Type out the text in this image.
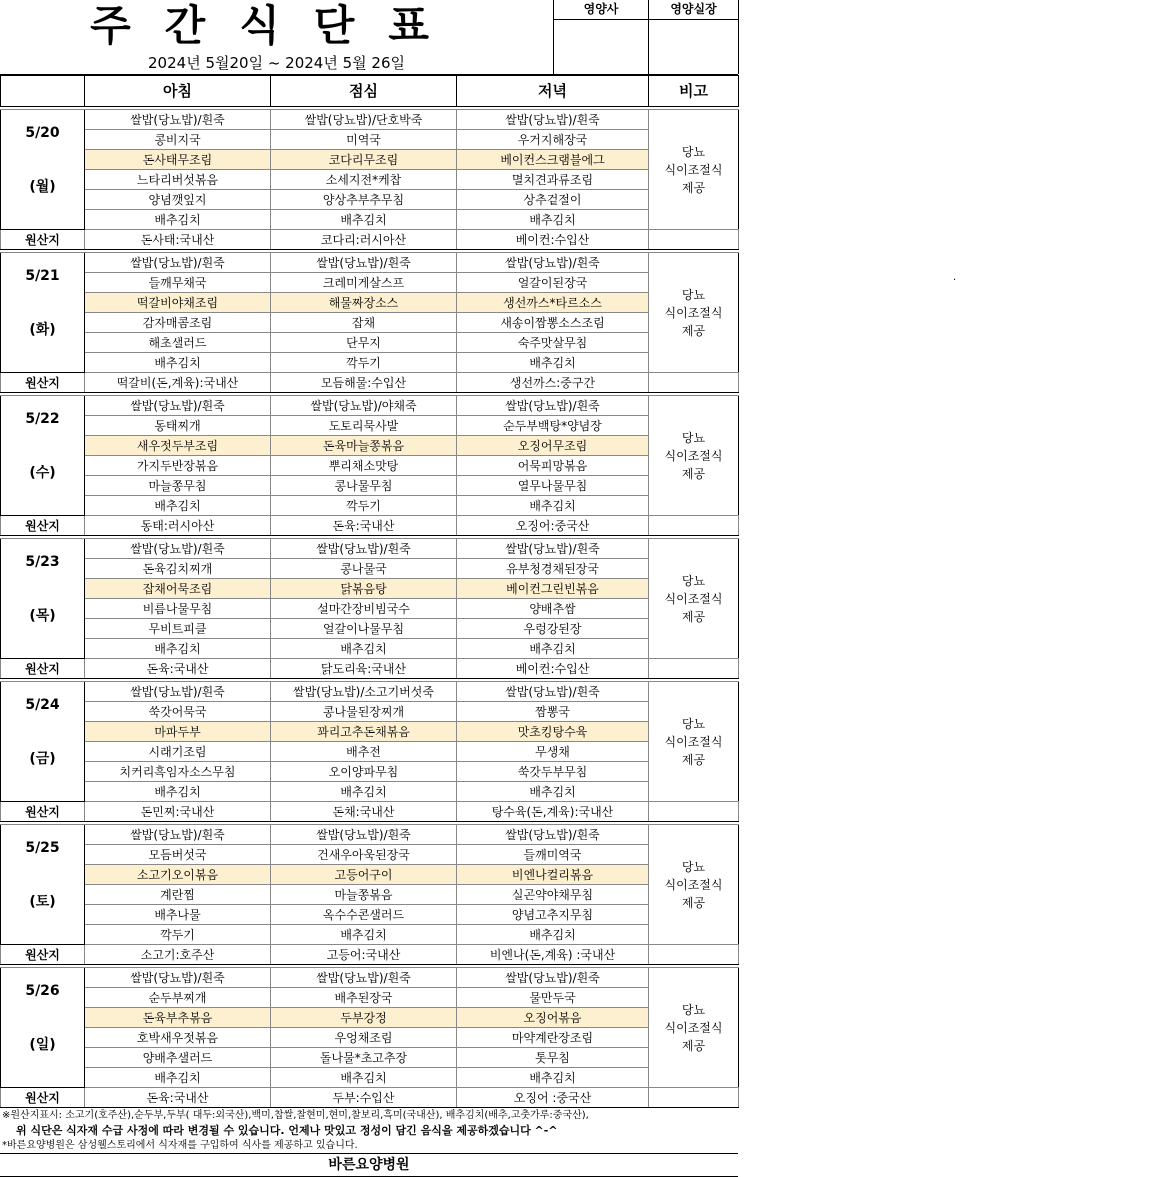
주간식단표
2024년 5월20일 ~ 2024년 5월 26일
영양사	영양실장
	아침	점심	저녁	비고

5/20
(월)	쌀밥(당뇨밥)/흰죽	쌀밥(당뇨밥)/단호박죽	쌀밥(당뇨밥)/흰죽	당뇨
식이조절식
제공
	콩비지국	미역국	우거지해장국	
	돈사태무조림	코다리무조림	베이컨스크램블에그	
	느타리버섯볶음	소세지전*케찹	멸치견과류조림	
	양념깻잎지	양상추부추무침	상추겉절이	
	배추김치	배추김치	배추김치	
원산지	돈사태:국내산	코다리:러시아산	베이컨:수입산	

5/21
(화)	쌀밥(당뇨밥)/흰죽	쌀밥(당뇨밥)/흰죽	쌀밥(당뇨밥)/흰죽	당뇨
식이조절식
제공
	들깨무채국	크레미게살스프	얼갈이된장국	
	떡갈비야채조림	해물짜장소스	생선까스*타르소스	
	감자매콤조림	잡채	새송이짬뽕소스조림	
	해초샐러드	단무지	숙주맛살무침	
	배추김치	깍두기	배추김치	
원산지	떡갈비(돈,계육):국내산	모듬해물:수입산	생선까스:중구간	

5/22
(수)	쌀밥(당뇨밥)/흰죽	쌀밥(당뇨밥)/야채죽	쌀밥(당뇨밥)/흰죽	당뇨
식이조절식
제공
	동태찌개	도토리묵사발	순두부백탕*양념장	
	새우젓두부조림	돈육마늘쫑볶음	오징어무조림	
	가지두반장볶음	뿌리채소맛탕	어묵피망볶음	
	마늘쫑무침	콩나물무침	열무나물무침	
	배추김치	깍두기	배추김치	
원산지	동태:러시아산	돈육:국내산	오징어:중국산	

5/23
(목)	쌀밥(당뇨밥)/흰죽	쌀밥(당뇨밥)/흰죽	쌀밥(당뇨밥)/흰죽	당뇨
식이조절식
제공
	돈육김치찌개	콩나물국	유부청경채된장국	
	잡채어묵조림	닭볶음탕	베이컨그린빈볶음	
	비름나물무침	설마간장비빔국수	양배추쌈	
	무비트피클	얼갈이나물무침	우렁강된장	
	배추김치	배추김치	배추김치	
원산지	돈육:국내산	닭도리육:국내산	베이컨:수입산	

5/24
(금)	쌀밥(당뇨밥)/흰죽	쌀밥(당뇨밥)/소고기버섯죽	쌀밥(당뇨밥)/흰죽	당뇨
식이조절식
제공
	쑥갓어묵국	콩나물된장찌개	짬뽕국	
	마파두부	꽈리고추돈채볶음	맛초킹탕수육	
	시래기조림	배추전	무생채	
	치커리흑임자소스무침	오이양파무침	쑥갓두부무침	
	배추김치	배추김치	배추김치	
원산지	돈민찌:국내산	돈채:국내산	탕수육(돈,계육):국내산	

5/25
(토)	쌀밥(당뇨밥)/흰죽	쌀밥(당뇨밥)/흰죽	쌀밥(당뇨밥)/흰죽	당뇨
식이조절식
제공
	모듬버섯국	건새우아욱된장국	들깨미역국	
	소고기오이볶음	고등어구이	비엔나컬리볶음	
	계란찜	마늘쫑볶음	실곤약야채무침	
	배추나물	옥수수콘샐러드	양념고추지무침	
	깍두기	배추김치	배추김치	
원산지	소고기:호주산	고등어:국내산	비엔나(돈,계육) :국내산	

5/26
(일)	쌀밥(당뇨밥)/흰죽	쌀밥(당뇨밥)/흰죽	쌀밥(당뇨밥)/흰죽	당뇨
식이조절식
제공
	순두부찌개	배추된장국	물만두국	
	돈육부추볶음	두부강정	오징어볶음	
	호박새우젓볶음	우엉채조림	마약계란장조림	
	양배추샐러드	돌나물*초고추장	톳무침	
	배추김치	배추김치	배추김치	
원산지	돈육:국내산	두부:수입산	오징어 :중국산	
※원산지표시: 소고기(호주산),순두부,두부( 대두:외국산),백미,찹쌀,찰현미,현미,찰보리,흑미(국내산), 배추김치(배추,고춧가루:중국산),
위 식단은 식자재 수급 사정에 따라 변경될 수 있습니다. 언제나 맛있고 정성이 담긴 음식을 제공하겠습니다 ^-^
*바른요양병원은 삼성웰스토리에서 식자재를 구입하여 식사를 제공하고 있습니다.
바른요양병원
.
